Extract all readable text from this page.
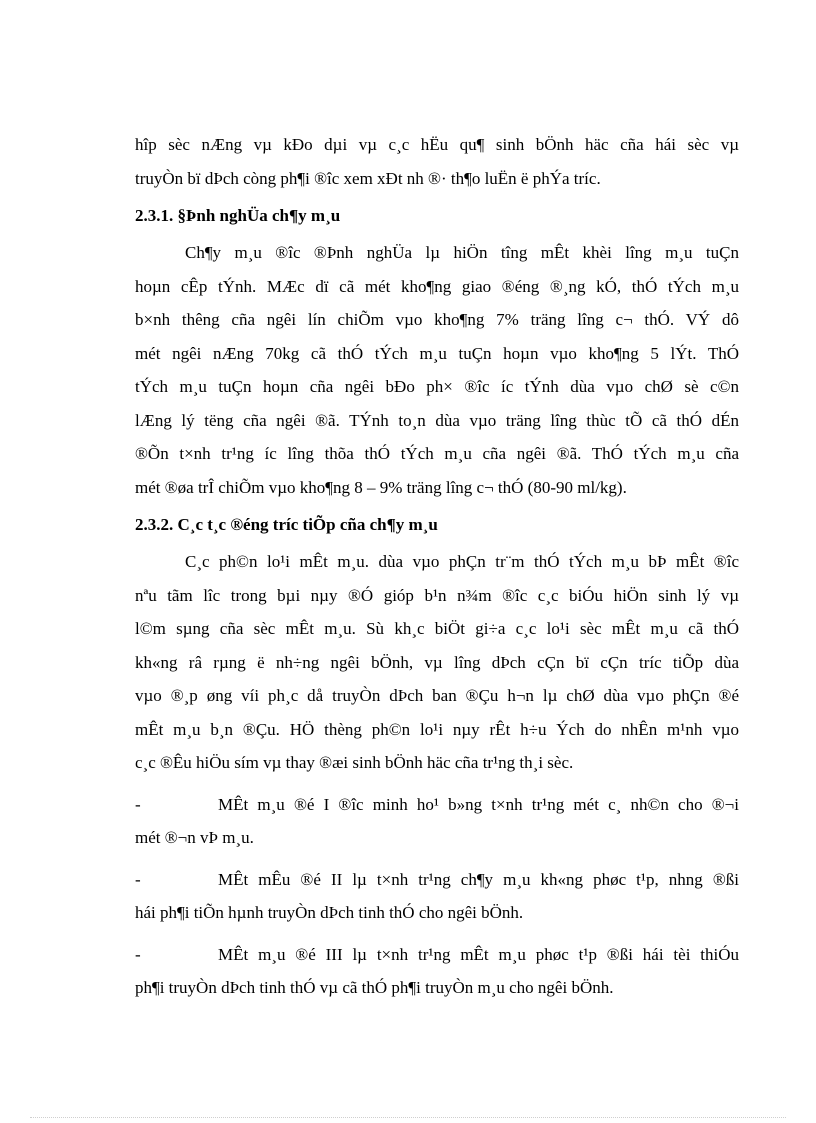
hîp sèc nÆng vµ kÐo dµi vµ c¸c hËu qu¶ sinh bÖnh häc cña hái sèc vµ

truyÒn bï dÞch còng ph¶i ®îc xem xÐt nh ®· th¶o luËn ë phÝa tríc.

2.3.1. §Þnh nghÜa ch¶y m¸u

Ch¶y m¸u ®îc ®Þnh nghÜa lµ hiÖn tîng mÊt khèi lîng m¸u tuÇn

hoµn cÊp tÝnh. MÆc dï cã mét kho¶ng giao ®éng ®¸ng kÓ, thÓ tÝch m¸u

b×nh thêng cña ngêi lín chiÕm vµo kho¶ng 7% träng lîng c¬ thÓ. VÝ dô

mét ngêi nÆng 70kg cã thÓ tÝch m¸u tuÇn hoµn vµo kho¶ng 5 lÝt. ThÓ

tÝch m¸u tuÇn hoµn cña ngêi bÐo ph× ®îc íc tÝnh dùa vµo chØ sè c©n

lÆng lý tëng cña ngêi ®ã. TÝnh to¸n dùa vµo träng lîng thùc tÕ cã thÓ dÉn

®Õn t×nh tr¹ng íc lîng thõa thÓ tÝch m¸u cña ngêi ®ã. ThÓ tÝch m¸u cña

mét ®øa trÎ chiÕm vµo kho¶ng 8 – 9% träng lîng c¬ thÓ (80-90 ml/kg).

2.3.2. C¸c t¸c ®éng tríc tiÕp cña ch¶y m¸u

C¸c ph©n lo¹i mÊt m¸u. dùa vµo phÇn tr¨m thÓ tÝch m¸u bÞ mÊt ®îc

nªu tãm lîc trong bµi nµy ®Ó gióp b¹n n¾m ®îc c¸c biÓu hiÖn sinh lý vµ

l©m sµng cña sèc mÊt m¸u. Sù kh¸c biÖt gi÷a c¸c lo¹i sèc mÊt m¸u cã thÓ

kh«ng râ rµng ë nh÷ng ngêi bÖnh, vµ lîng dÞch cÇn bï cÇn tríc tiÕp dùa

vµo ®¸p øng víi ph¸c då truyÒn dÞch ban ®Çu h¬n lµ chØ dùa vµo phÇn ®é

mÊt m¸u b¸n ®Çu. HÖ thèng ph©n lo¹i nµy rÊt h÷u Ých do nhÊn m¹nh vµo

c¸c ®Êu hiÖu sím vµ thay ®æi sinh bÖnh häc cña tr¹ng th¸i sèc.

-	MÊt m¸u ®é I ®îc minh ho¹ b»ng t×nh tr¹ng mét c¸ nh©n cho ®¬i

mét ®¬n vÞ m¸u.

-	MÊt mÊu ®é II lµ t×nh tr¹ng ch¶y m¸u kh«ng phøc t¹p, nhng ®ßi

hái ph¶i tiÕn hµnh truyÒn dÞch tinh thÓ cho ngêi bÖnh.

-	MÊt m¸u ®é III lµ t×nh tr¹ng mÊt m¸u phøc t¹p ®ßi hái tèi thiÓu

ph¶i truyÒn dÞch tinh thÓ vµ cã thÓ ph¶i truyÒn m¸u cho ngêi bÖnh.
